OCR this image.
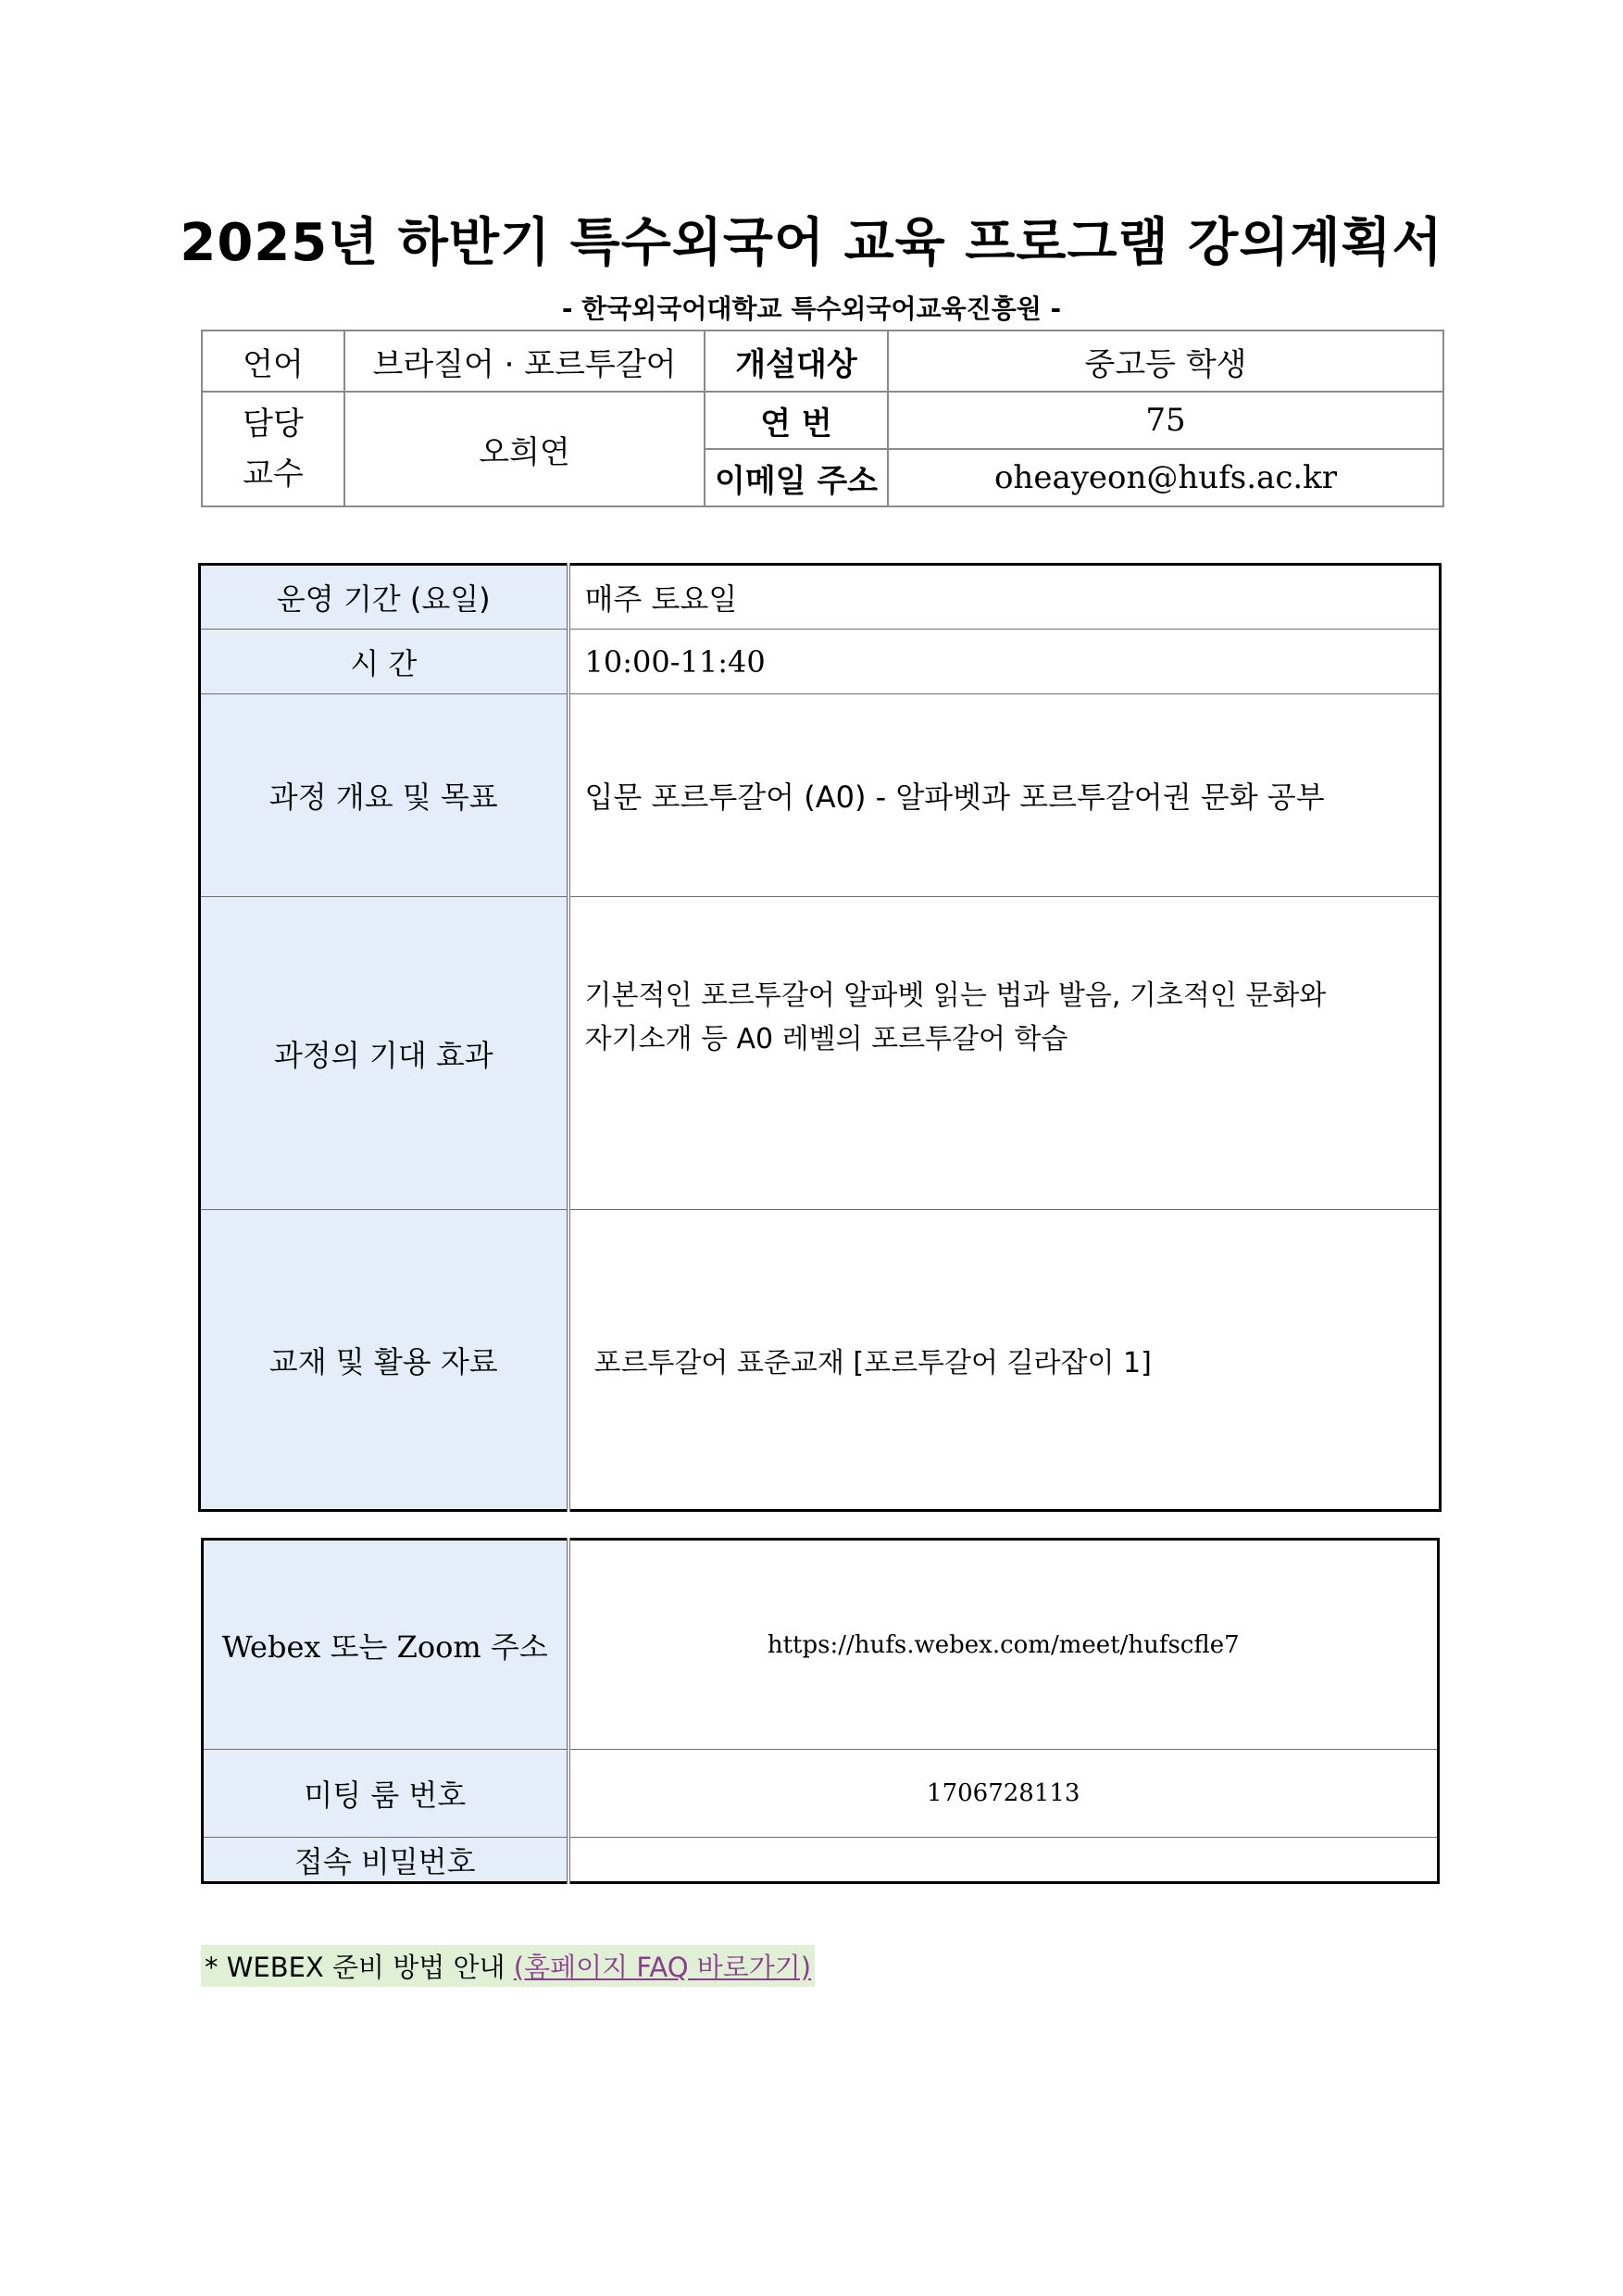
2025년 하반기 특수외국어 교육 프로그램 강의계획서
- 한국외국어대학교 특수외국어교육진흥원 -
언어	브라질어 · 포르투갈어	개설대상	중고등 학생

담당
교수	오희연	연 번	75
		이메일 주소	oheayeon@hufs.ac.kr
운영 기간 (요일)	매주 토요일
시 간	10:00-11:40
과정 개요 및 목표	입문 포르투갈어 (A0) - 알파벳과 포르투갈어권 문화 공부
과정의 기대 효과	기본적인 포르투갈어 알파벳 읽는 법과 발음, 기초적인 문화와
자기소개 등 A0 레벨의 포르투갈어 학습

교재 및 활용 자료	포르투갈어 표준교재 [포르투갈어 길라잡이 1]
Webex 또는 Zoom 주소	https://hufs.webex.com/meet/hufscfle7
미팅 룸 번호	1706728113
접속 비밀번호	
* WEBEX 준비 방법 안내 (홈페이지 FAQ 바로가기)
